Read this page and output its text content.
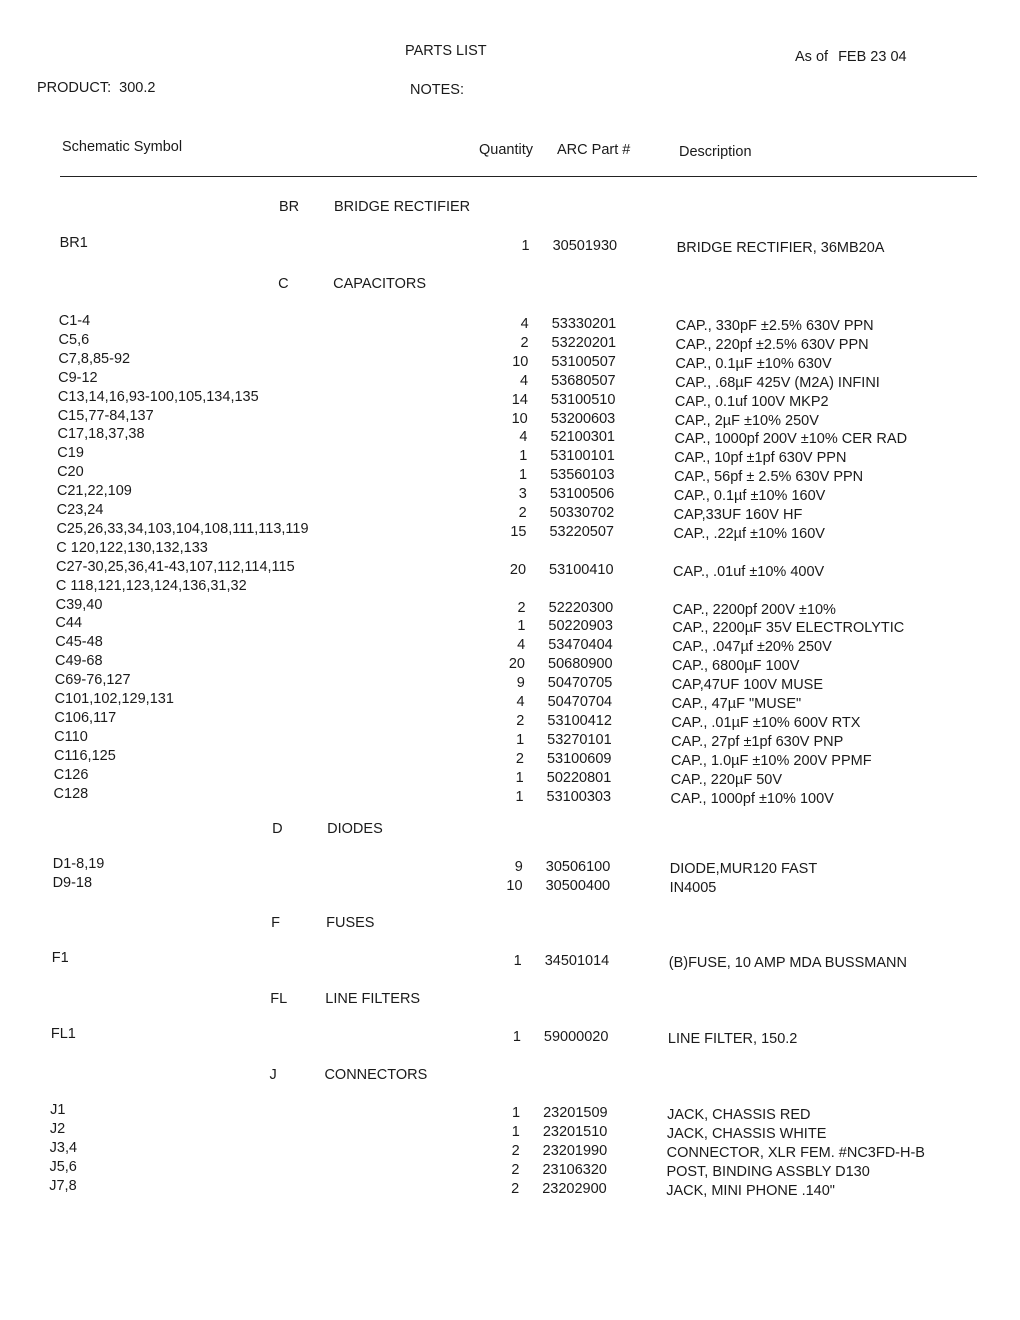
PARTS LIST	As of FEB 23 04
PRODUCT: 300.2	NOTES:
Schematic Symbol	Quantity ARC Part #	Description
BR BRIDGE RECTIFIER
BR1	1 30501930	BRIDGE RECTIFIER, 36MB20A
C	CAPACITORS
C1-4	4 53330201	CAP., 330pF ±2.5% 630V PPN
C5,6	2 53220201	CAP., 220pf ±2.5% 630V PPN
C7,8,85-92	10 53100507	CAP., 0.1µF ±10% 630V
C9-12	4 53680507	CAP., .68µF 425V (M2A) INFINI
C13,14,16,93-100,105,134,135	14 53100510	CAP., 0.1uf 100V MKP2
C15,77-84,137	10 53200603	CAP., 2µF ±10% 250V
C17,18,37,38	4 52100301	CAP., 1000pf 200V ±10% CER RAD
C19	1 53100101	CAP., 10pf ±1pf 630V PPN
C20	1 53560103	CAP., 56pf ± 2.5% 630V PPN
C21,22,109	3 53100506	CAP., 0.1µf ±10% 160V
C23,24	2 50330702	CAP,33UF 160V HF
C25,26,33,34,103,104,108,111,113,119	15 53220507	CAP., .22µf ±10% 160V
C 120,122,130,132,133
C27-30,25,36,41-43,107,112,114,115	20 53100410	CAP., .01uf ±10% 400V
C 118,121,123,124,136,31,32
C39,40	2 52220300	CAP., 2200pf 200V ±10%
C44	1 50220903	CAP., 2200µF 35V ELECTROLYTIC
C45-48	4 53470404	CAP., .047µf ±20% 250V
C49-68	20 50680900	CAP., 6800µF 100V
C69-76,127	9 50470705	CAP,47UF 100V MUSE
C101,102,129,131	4 50470704	CAP., 47µF "MUSE"
C106,117	2 53100412	CAP., .01µF ±10% 600V RTX
C110	1 53270101	CAP., 27pf ±1pf 630V PNP
C116,125	2 53100609	CAP., 1.0µF ±10% 200V PPMF
C126	1 50220801	CAP., 220µF 50V
C128	1 53100303	CAP., 1000pf ±10% 100V
D	DIODES
D1-8,19	9 30506100	DIODE,MUR120 FAST
D9-18	10 30500400	IN4005
F	FUSES
F1	1 34501014	(B)FUSE, 10 AMP MDA BUSSMANN
FL	LINE FILTERS
FL1	1 59000020	LINE FILTER, 150.2
J	CONNECTORS
J1	1 23201509	JACK, CHASSIS RED
J2	1 23201510	JACK, CHASSIS WHITE
J3,4	2 23201990	CONNECTOR, XLR FEM. #NC3FD-H-B
J5,6	2 23106320	POST, BINDING ASSBLY D130
J7,8	2 23202900	JACK, MINI PHONE .140"
